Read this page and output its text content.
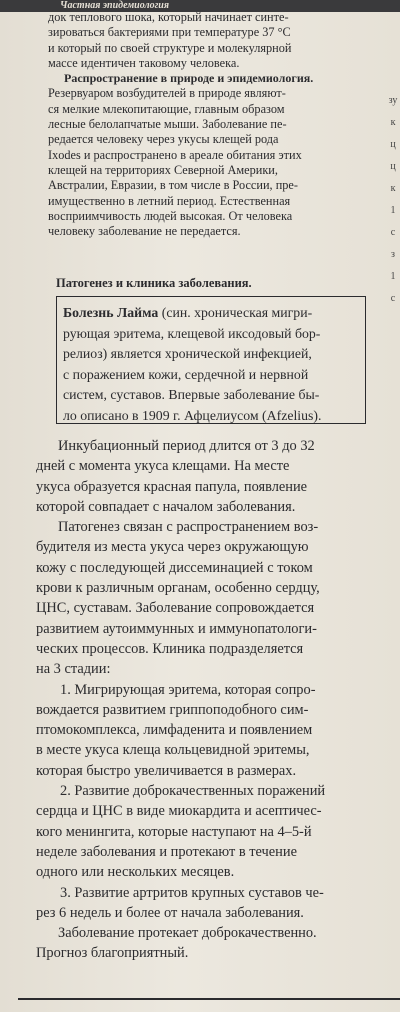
Частная эпидемиология
зу
к
ц
ц
к
1
с
з
1
с
док теплового шока, который начинает синте-
зироваться бактериями при температуре 37 °С
и который по своей структуре и молекулярной
массе идентичен таковому человека.
Распространение в природе и эпидемиология.
Резервуаром возбудителей в природе являют-
ся мелкие млекопитающие, главным образом
лесные белолапчатые мыши. Заболевание пе-
редается человеку через укусы клещей рода
Ixodes и распространено в ареале обитания этих
клещей на территориях Северной Америки,
Австралии, Евразии, в том числе в России, пре-
имущественно в летний период. Естественная
восприимчивость людей высокая. От человека
человеку заболевание не передается.
Патогенез и клиника заболевания.
Болезнь Лайма (син. хроническая мигри-
рующая эритема, клещевой иксодовый бор-
релиоз) является хронической инфекцией,
с поражением кожи, сердечной и нервной
систем, суставов. Впервые заболевание бы-
ло описано в 1909 г. Афцелиусом (Afzelius).
Инкубационный период длится от 3 до 32
дней с момента укуса клещами. На месте
укуса образуется красная папула, появление
которой совпадает с началом заболевания.
Патогенез связан с распространением воз-
будителя из места укуса через окружающую
кожу с последующей диссеминацией с током
крови к различным органам, особенно сердцу,
ЦНС, суставам. Заболевание сопровождается
развитием аутоиммунных и иммунопатологи-
ческих процессов. Клиника подразделяется
на 3 стадии:
1. Мигрирующая эритема, которая сопро-
вождается развитием гриппоподобного сим-
птомокомплекса, лимфаденита и появлением
в месте укуса клеща кольцевидной эритемы,
которая быстро увеличивается в размерах.
2. Развитие доброкачественных поражений
сердца и ЦНС в виде миокардита и асептичес-
кого менингита, которые наступают на 4–5-й
неделе заболевания и протекают в течение
одного или нескольких месяцев.
3. Развитие артритов крупных суставов че-
рез 6 недель и более от начала заболевания.
Заболевание протекает доброкачественно.
Прогноз благоприятный.
